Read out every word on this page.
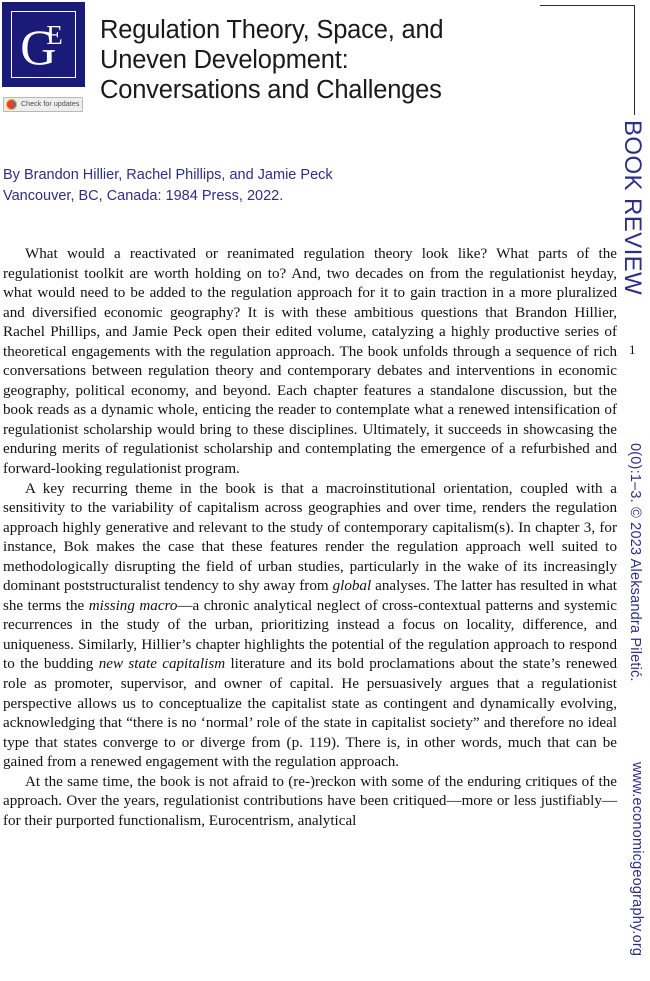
G
E
Check for updates
Regulation Theory, Space, and
Uneven Development:
Conversations and Challenges
By Brandon Hillier, Rachel Phillips, and Jamie Peck
Vancouver, BC, Canada: 1984 Press, 2022.	BOOK REVIEW
0(0):1–3. © 2023 Aleksandra Piletić.
www.economicgeography.org
1

What would a reactivated or reanimated regulation theory look like? What parts of the regulationist toolkit are worth holding on to? And, two decades on from the regulationist heyday, what would need to be added to the regulation approach for it to gain traction in a more pluralized and diversified economic geography? It is with these ambitious questions that Brandon Hillier, Rachel Phillips, and Jamie Peck open their edited volume, catalyzing a highly productive series of theoretical engagements with the regulation approach. The book unfolds through a sequence of rich conversations between regulation theory and contemporary debates and interventions in economic geography, political economy, and beyond. Each chapter features a standalone discussion, but the book reads as a dynamic whole, enticing the reader to contemplate what a renewed intensification of regulationist scholarship would bring to these disciplines. Ultimately, it succeeds in showcasing the enduring merits of regulationist scholarship and contemplating the emergence of a refurbished and forward-looking regulationist program.

A key recurring theme in the book is that a macroinstitutional orientation, coupled with a sensitivity to the variability of capitalism across geographies and over time, renders the regulation approach highly generative and relevant to the study of contemporary capitalism(s). In chapter 3, for instance, Bok makes the case that these features render the regulation approach well suited to methodologically disrupting the field of urban studies, particularly in the wake of its increasingly dominant poststructuralist tendency to shy away from global analyses. The latter has resulted in what she terms the missing macro—a chronic analytical neglect of cross-contextual patterns and systemic recurrences in the study of the urban, prioritizing instead a focus on locality, difference, and uniqueness. Similarly, Hillier’s chapter highlights the potential of the regulation approach to respond to the budding new state capitalism literature and its bold proclamations about the state’s renewed role as promoter, supervisor, and owner of capital. He persuasively argues that a regulationist perspective allows us to conceptualize the capitalist state as contingent and dynamically evolving, acknowledging that “there is no ‘normal’ role of the state in capitalist society” and therefore no ideal type that states converge to or diverge from (p. 119). There is, in other words, much that can be gained from a renewed engagement with the regulation approach.

At the same time, the book is not afraid to (re-)reckon with some of the enduring critiques of the approach. Over the years, regulationist contributions have been critiqued—more or less justifiably—for their purported functionalism, Eurocentrism, analytical
